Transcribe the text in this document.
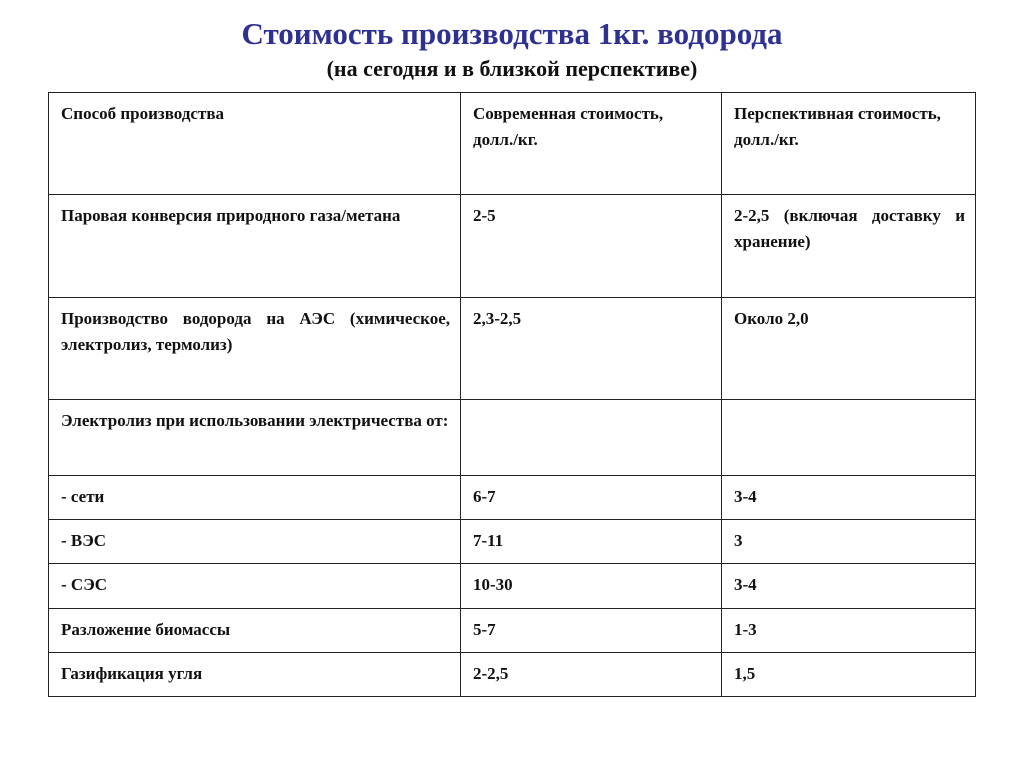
Стоимость производства 1кг. водорода
(на сегодня и в близкой перспективе)
Способ производства	Современная стоимость, долл./кг.	Перспективная стоимость, долл./кг.
Паровая конверсия природного газа/метана	2-5	2-2,5 (включая доставку и хранение)
Производство водорода на АЭС (химическое, электролиз, термолиз)	2,3-2,5	Около 2,0
Электролиз при использовании электричества от:		
- сети	6-7	3-4
- ВЭС	7-11	3
- СЭС	10-30	3-4
Разложение биомассы	5-7	1-3
Газификация угля	2-2,5	1,5
